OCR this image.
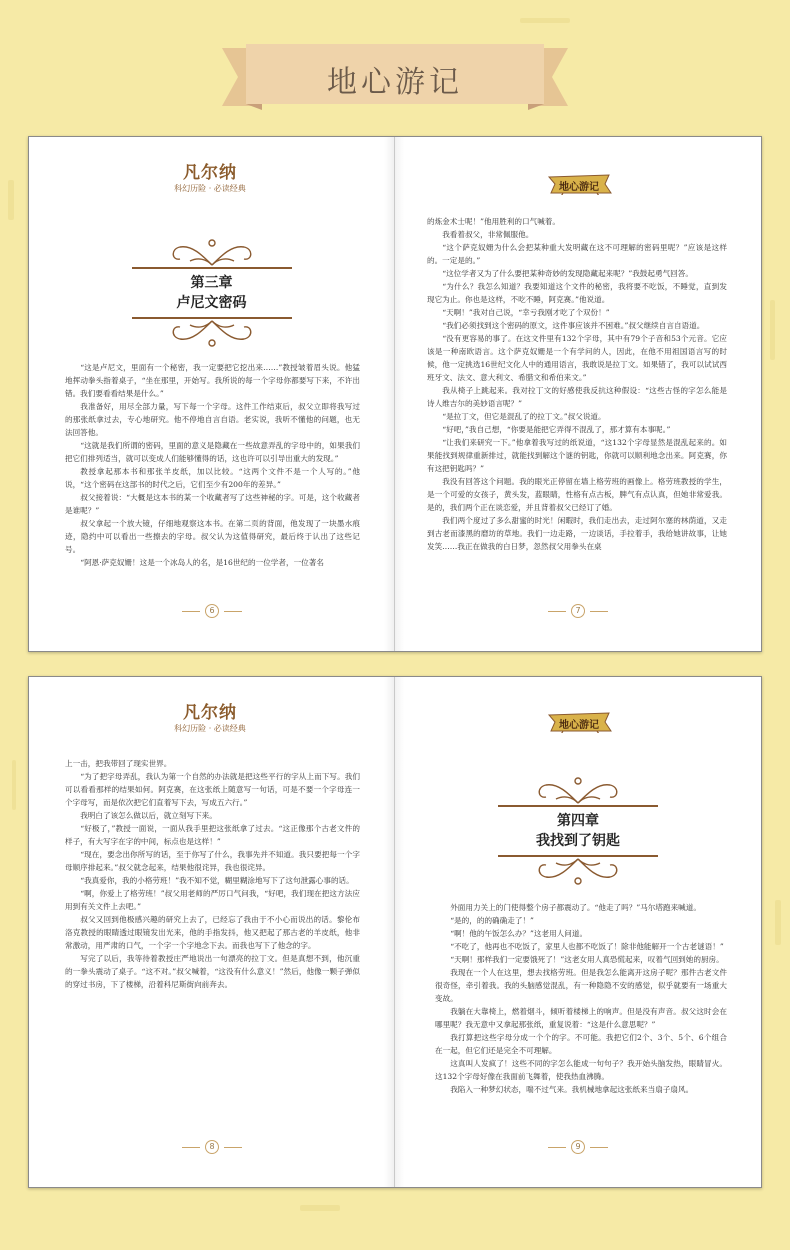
地心游记
凡尔纳
科幻历险 · 必读经典
第三章
卢尼文密码

“这是卢尼文，里面有一个秘密，我一定要把它挖出来……”教授皱着眉头说。他猛地挥动拳头指着桌子，“坐在那里，开始写。我所说的每一个字母你都要写下来，不许出错。我们要看看结果是什么。”

我准备好，用尽全部力量，写下每一个字母。这件工作结束后，叔父立即将我写过的那张纸拿过去，专心地研究。他不停地自言自语。老实说，我听不懂他的问题，也无法回答他。

“这就是我们所谓的密码，里面的意义是隐藏在一些故意弄乱的字母中的，如果我们把它们排列适当，就可以变成人们能够懂得的话，这也许可以引导出重大的发现。”

教授拿起那本书和那张羊皮纸，加以比较。“这两个文件不是一个人写的。”他说，“这个密码在这部书的时代之后，它们至少有200年的差异。”

叔父接着说：“大概是这本书的某一个收藏者写了这些神秘的字。可是，这个收藏者是谁呢？”

叔父拿起一个放大镜，仔细地观察这本书。在第二页的背面，他发现了一块墨水痕迹，隐约中可以看出一些擦去的字母。叔父认为这值得研究，最后终于认出了这些记号。

“阿恩·萨克奴姗！这是一个冰岛人的名，是16世纪的一位学者，一位著名

6
地心游记

的炼金术士呢！”他用胜利的口气喊着。

我看着叔父，非常佩服他。

“这个萨克奴姗为什么会把某种重大发明藏在这不可理解的密码里呢？”应该是这样的。一定是的。”

“这位学者又为了什么要把某种奇妙的发现隐藏起来呢？”我鼓起勇气回答。

“为什么？我怎么知道？我要知道这个文件的秘密，我将要不吃饭，不睡觉，直到发现它为止。你也是这样，不吃不睡，阿克赛。”他说道。

“天啊！”我对自己说，“幸亏我刚才吃了个双份！”

“我们必须找到这个密码的原文，这件事应该并不困难。”叔父继续自言自语道。

“没有更容易的事了。在这文件里有132个字母，其中有79个子音和53个元音。它应该是一种南欧语言。这个萨克奴姗是一个有学问的人，因此，在他不用祖国语言写的时候，他一定挑选16世纪文化人中的通用语言，我敢说是拉丁文。如果错了，我可以试试西班牙文、法文、意大利文、希腊文和希伯来文。”

我从椅子上跳起来。我对拉丁文的好感使我反抗这种假设：“这些古怪的字怎么能是诗人维吉尔的美妙语言呢？”

“是拉丁文，但它是混乱了的拉丁文。”叔父说道。

“好吧，”我自己想，“你要是能把它弄得不混乱了，那才算有本事呢。”

“让我们来研究一下。”他拿着我写过的纸说道，“这132个字母显然是混乱起来的。如果能找到规律重新排过，就能找到解这个谜的钥匙，你就可以顺利地念出来。阿克赛，你有这把钥匙吗？”

我没有回答这个问题。我的眼光正停留在墙上格劳班的画像上。格劳班教授的学生，是一个可爱的女孩子，黄头发，蓝眼睛，性格有点古板，脾气有点认真，但她非常爱我。是的，我们两个正在谈恋爱，并且背着叔父已经订了婚。

我们两个度过了多么甜蜜的时光！闲暇时，我们走出去，走过阿尔塞的林荫道，又走到古老而漆黑的磨坊的草地。我们一边走路，一边谈话，手拉着手，我给她讲故事，让她发笑……我正在做我的白日梦，忽然叔父用拳头在桌

7
凡尔纳
科幻历险 · 必读经典

上一击，把我带回了现实世界。

“为了把字母弄乱，我认为第一个自然的办法就是把这些平行的字从上而下写。我们可以看看那样的结果如何。阿克赛，在这张纸上随意写一句话，可是不要一个字母连一个字母写，而是依次把它们直着写下去，写成五六行。”

我明白了该怎么做以后，就立刻写下来。

“好极了，”教授一面说，一面从我手里把这张纸拿了过去。“这正像那个古老文件的样子，有大写字在字的中间，标点也是这样！”

“现在，要念出你所写的话，至于你写了什么，我事先并不知道。我只要把每一个字母顺序排起来。”叔父就念起来，结果他很诧异，我也很诧异。

“我真爱你，我的小格劳班！”我不知不觉，糊里糊涂地写下了这句泄露心事的话。

“啊，你爱上了格劳班！”叔父用老师的严厉口气问我，“好吧，我们现在把这方法应用到有关文件上去吧。”

叔父又回到他极感兴趣的研究上去了，已经忘了我由于不小心而说出的话。黎伦布洛克教授的眼睛透过眼镜发出光来，他的手指发抖，他又把起了那古老的羊皮纸，他非常激动，用严肃的口气，一个字一个字地念下去。而我也写下了他念的字。

写完了以后，我等待着教授庄严地说出一句漂亮的拉丁文。但是真想不到，他沉重的一拳头震动了桌子。“这不对。”叔父喊着，“这没有什么意义！”然后，他像一颗子弹似的穿过书房，下了楼梯，沿着科尼斯街向前奔去。

8
地心游记
第四章
我找到了钥匙

外面用力关上的门使得整个房子都震动了。“他走了吗？”马尔塔跑来喊道。

“是的，的的确确走了！”

“啊！他的午饭怎么办？”这老用人问道。

“不吃了，他再也不吃饭了，家里人也都不吃饭了！除非他能解开一个古老谜语！”

“天啊！那样我们一定要饿死了！”这老女用人真恐慌起来，叹着气回到她的厨房。

我现在一个人在这里，想去找格劳班。但是我怎么能离开这房子呢？那件古老文件很奇怪，牵引着我。我的头脑感觉混乱，有一种隐隐不安的感觉，似乎就要有一场重大变故。

我躺在大靠椅上，燃着烟斗，倾听着楼梯上的响声。但是没有声音。叔父这时会在哪里呢？我无意中又拿起那张纸，重复说着：“这是什么意思呢？”

我打算把这些字母分成一个个的字。不可能。我把它们2个、3个、5个、6个组合在一起，但它们还是完全不可理解。

这真叫人发疯了！这些不同的字怎么能成一句句子？我开始头脑发热，眼睛冒火。这132个字母好像在我面前飞舞着，使我热血沸腾。

我陷入一种梦幻状态，喘不过气来。我机械地拿起这张纸来当扇子扇风。

9
